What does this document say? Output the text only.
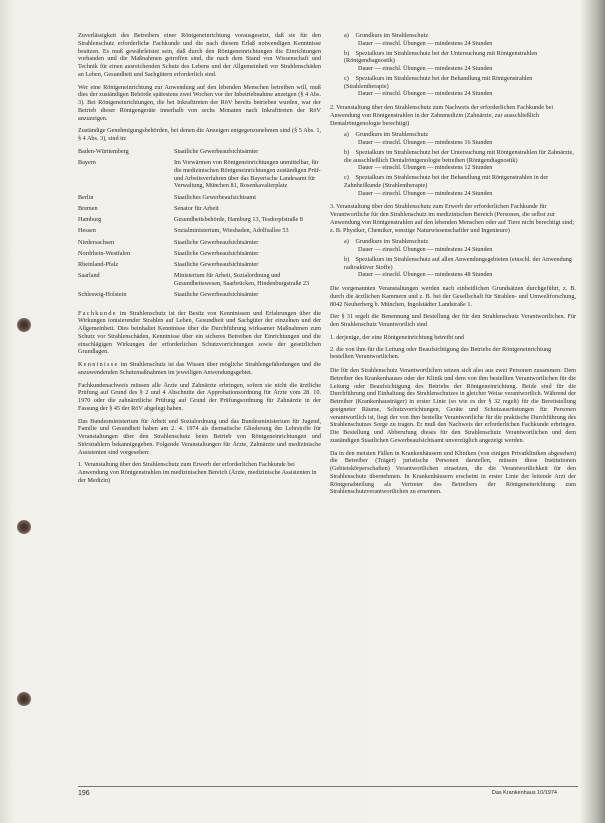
Zuverlässigkeit des Betreibers einer Röntgeneinrichtung vorausgesetzt, daß sie für den Strahlenschutz erforderliche Fachkunde und die nach diesem Erlaß notwendigen Kenntnisse besitzen. Es muß gewährleistet sein, daß durch den Röntgeneinrichtungen die Einrichtungen vorhanden und die Maßnahmen getroffen sind, die nach dem Stand von Wissenschaft und Technik für einen ausreichenden Schutz des Lebens und der Allgemeinheit vor Strahlenschäden an Leben, Gesundheit und Sachgütern erforderlich sind.

Wer eine Röntgeneinrichtung zur Anwendung auf den lebenden Menschen betreiben will, muß dies der zuständigen Behörde spätestens zwei Wochen vor der Inbetriebnahme anzeigen (§ 4 Abs. 3). Bei Röntgeneinrichtungen, die bei Inkrafttreten der RöV bereits betrieben wurden, war der Betrieb dieser Röntgengeräte innerhalb von sechs Monaten nach Inkrafttreten der RöV anzuzeigen.

Zuständige Genehmigungsbehörden, bei denen die Anzeigen entgegenzunehmen sind (§ 5 Abs. 1, § 4 Abs. 3), sind in:

Baden-Württemberg	Staatliche Gewerbeaufsichtsämter
Bayern	Im Vorwärmen von Röntgeneinrichtungen unmittelbar, für die medizinischen Röntgeneinrichtungen zuständigen Prüf- und Arbeitsverfahren über das Bayerische Landesamt für Verwaltung, München 81, Rosenkavalierplatz
Berlin	Staatliches Gewerbeaufsichtsamt
Bremen	Senator für Arbeit
Hamburg	Gesundheitsbehörde, Hamburg 13, Tesdorpfstraße 8
Hessen	Sozialministerium, Wiesbaden, Adolfsallee 53
Niedersachsen	Staatliche Gewerbeaufsichtsämter
Nordrhein-Westfalen	Staatliche Gewerbeaufsichtsämter
Rheinland-Pfalz	Staatliche Gewerbeaufsichtsämter
Saarland	Ministerium für Arbeit, Sozialordnung und Gesundheitswesen, Saarbrücken, Hindenburgstraße 23
Schleswig-Holstein	Staatliche Gewerbeaufsichtsämter

Fachkunde im Strahlenschutz ist der Besitz von Kenntnissen und Erfahrungen über die Wirkungen ionisierender Strahlen auf Leben, Gesundheit und Sachgüter der einzelnen und der Allgemeinheit. Dies beinhaltet Kenntnisse über die Durchführung wirksamer Maßnahmen zum Schutz vor Strahlenschäden, Kenntnisse über ein sicheres Betreiben der Einrichtungen und die einschlägigen Wirkungen der erforderlichen Schutzvorrichtungen sowie der gesetzlichen Grundlagen.

Kenntnisse im Strahlenschutz ist das Wissen über mögliche Strahlengefährdungen und die anzuwendenden Schutzmaßnahmen im jeweiligen Anwendungsgebiet.

Fachkundenachweis müssen alle Ärzte und Zahnärzte erbringen, sofern sie nicht die ärztliche Prüfung auf Grund des § 2 und 4 Abschnitte der Approbationsordnung für Ärzte vom 28. 10. 1970 oder die zahnärztliche Prüfung auf Grund der Prüfungsordnung für Zahnärzte in der Fassung der § 45 der RöV abgelegt haben.

Das Bundesministerium für Arbeit und Sozialordnung und das Bundesministerium für Jugend, Familie und Gesundheit haben am 2. 4. 1974 als thematische Gliederung der Lehrstoffe für Veranstaltungen über den Strahlenschutz beim Betrieb von Röntgeneinrichtungen und Störstrahlern bekanntgegeben. Folgende Veranstaltungen für Ärzte, Zahnärzte und medizinische Assistenten sind vorgesehen:

1. Veranstaltung über den Strahlenschutz zum Erwerb der erforderlichen Fachkunde bei Anwendung von Röntgenstrahlen im medizinischen Bereich (Ärzte, medizinische Assistenten in der Medizin)
a) Grundkurs im Strahlenschutz
Dauer — einschl. Übungen — mindestens 24 Stunden
b) Spezialkurs im Strahlenschutz bei der Untersuchung mit Röntgenstrahlen (Röntgendiagnostik)
Dauer — einschl. Übungen — mindestens 24 Stunden
c) Spezialkurs im Strahlenschutz bei der Behandlung mit Röntgenstrahlen (Strahlentherapie)
Dauer — einschl. Übungen — mindestens 24 Stunden
2. Veranstaltung über den Strahlenschutz zum Nachweis der erforderlichen Fachkunde bei Anwendung von Röntgenstrahlen in der Zahnmedizin (Zahnärzte, zur ausschließlich Dentalröntgenologie berechtigt)
a) Grundkurs im Strahlenschutz
Dauer — einschl. Übungen — mindestens 16 Stunden
b) Spezialkurs im Strahlenschutz bei der Untersuchung mit Röntgenstrahlen für Zahnärzte, die ausschließlich Dentalröntgenologie betreiben (Röntgendiagnostik)
Dauer — einschl. Übungen — mindestens 12 Stunden
c) Spezialkurs im Strahlenschutz bei der Behandlung mit Röntgenstrahlen in der Zahnheilkunde (Strahlentherapie)
Dauer — einschl. Übungen — mindestens 24 Stunden
3. Veranstaltung über den Strahlenschutz zum Erwerb der erforderlichen Fachkunde für Verantwortliche für den Strahlenschutz im medizinischen Bereich (Personen, die selbst zur Anwendung von Röntgenstrahlen auf den lebenden Menschen oder auf Tiere nicht berechtigt sind; z. B. Physiker, Chemiker, sonstige Naturwissenschaftler und Ingenieure)
a) Grundkurs im Strahlenschutz
Dauer — einschl. Übungen — mindestens 24 Stunden
b) Spezialkurs im Strahlenschutz auf allen Anwendungsgebieten (einschl. der Anwendung radioaktiver Stoffe)
Dauer — einschl. Übungen — mindestens 48 Stunden

Die vorgenannten Veranstaltungen werden nach einheitlichen Grundsätzen durchgeführt, z. B. durch die ärztlichen Kammern und z. B. bei der Gesellschaft für Strahlen- und Umweltforschung, 8042 Neuherberg b. München, Ingolstädter Landstraße 1.

Der § 31 regelt die Benennung und Bestellung der für den Strahlenschutz Verantwortlichen. Für den Strahlenschutz Verantwortlich sind

1. derjenige, der eine Röntgeneinrichtung betreibt und
2. die von ihm für die Leitung oder Beaufsichtigung des Betriebs der Röntgeneinrichtung bestellten Verantwortlichen.

Die für den Strahlenschutz Verantwortlichen setzen sich also aus zwei Personen zusammen: Dem Betreiber des Krankenhauses oder der Klinik und dem von ihm bestellten Verantwortlichen für die Leitung oder Beaufsichtigung des Betriebs der Röntgeneinrichtung. Beide sind für die Durchführung und Einhaltung des Strahlenschutzes in gleicher Weise verantwortlich. Während der Betreiber (Krankenhausträger) in erster Linie (so wie es der § 32 regelt) für die Bereitstellung geeigneter Räume, Schutzvorrichtungen, Geräte und Schutzausrüstungen für Personen verantwortlich ist, liegt der von ihm bestellte Verantwortliche für die praktische Durchführung des Strahlenschutzes Sorge zu tragen. Er muß den Nachweis der erforderlichen Fachkunde erbringen. Die Bestellung und Abberufung dieses für den Strahlenschutz Verantwortlichen und dem zuständigen Staatlichen Gewerbeaufsichtsamt unverzüglich angezeigt werden.

Da in den meisten Fällen in Krankenhäusern und Kliniken (von einigen Privatkliniken abgesehen) die Betreiber (Träger) juristische Personen darstellen, müssen diese Institutionen (Gebietskörperschaften) Verantwortlichen einsetzen, die die Verantwortlichkeit für den Strahlenschutz übernehmen. In Krankenhäusern erscheint in erster Linie der leitende Arzt der Röntgenabteilung als Vertreter des Betreibers der Röntgeneinrichtung zum Strahlenschutzverantwortlichen zu ernennen.

196	Das Krankenhaus 10/1974
